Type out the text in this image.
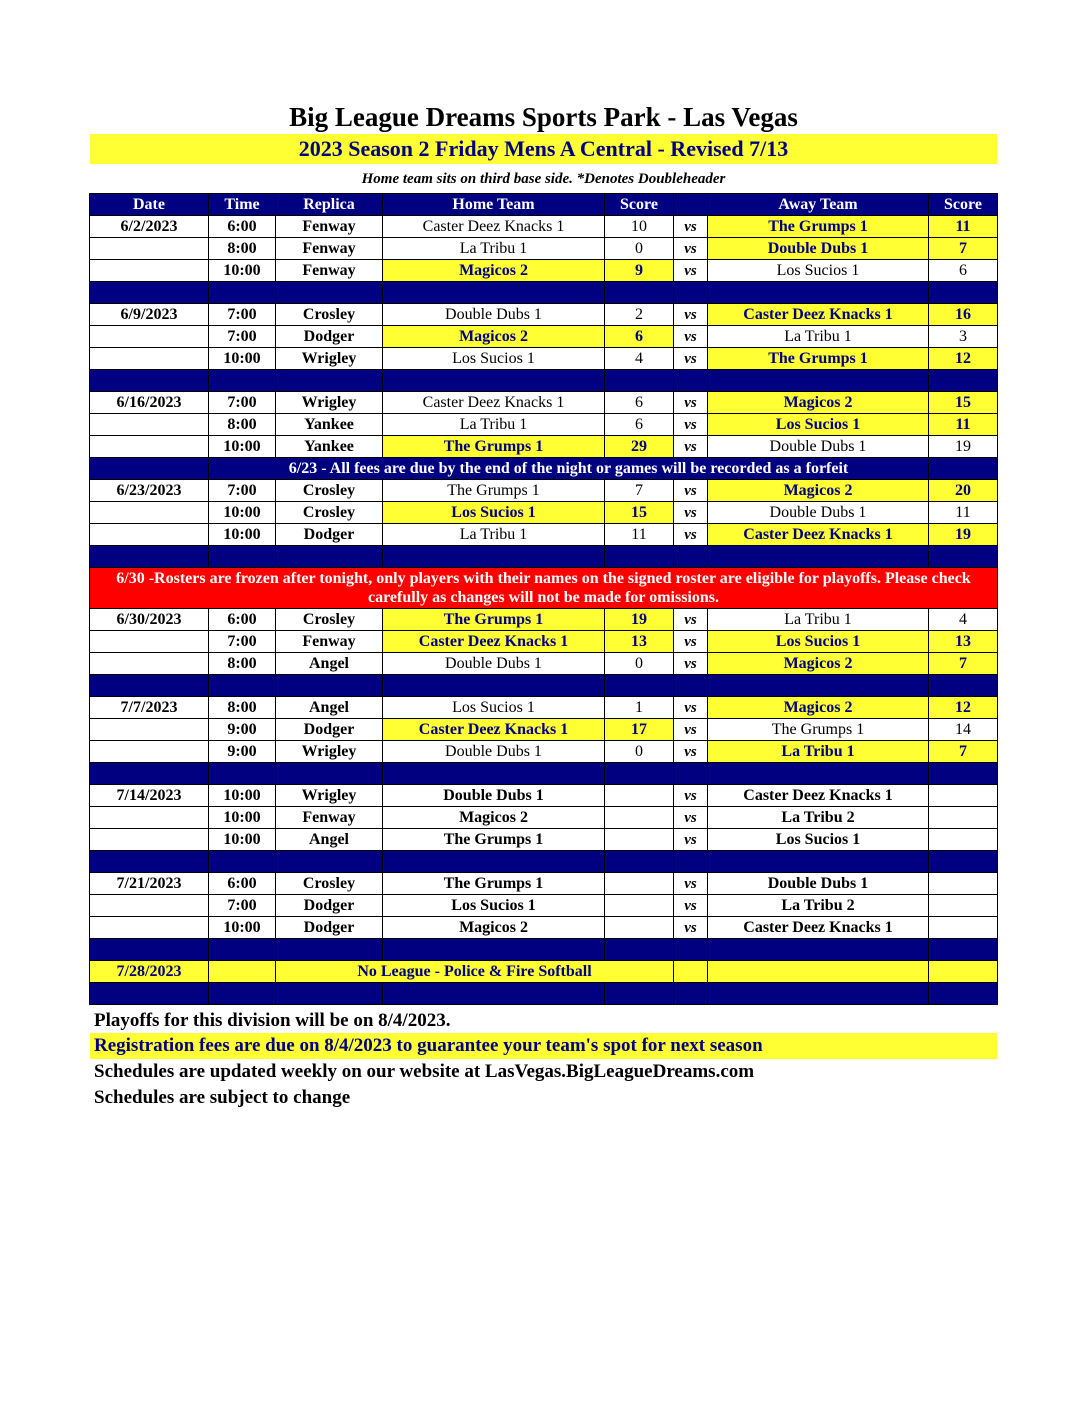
Big League Dreams Sports Park - Las Vegas
2023 Season 2 Friday Mens A Central - Revised 7/13
Home team sits on third base side. *Denotes Doubleheader
Date	Time	Replica	Home Team	Score		Away Team	Score
6/2/2023	6:00	Fenway	Caster Deez Knacks 1	10	vs	The Grumps 1	11
	8:00	Fenway	La Tribu 1	0	vs	Double Dubs 1	7
	10:00	Fenway	Magicos 2	9	vs	Los Sucios 1	6

6/9/2023	7:00	Crosley	Double Dubs 1	2	vs	Caster Deez Knacks 1	16
	7:00	Dodger	Magicos 2	6	vs	La Tribu 1	3
	10:00	Wrigley	Los Sucios 1	4	vs	The Grumps 1	12

6/16/2023	7:00	Wrigley	Caster Deez Knacks 1	6	vs	Magicos 2	15
	8:00	Yankee	La Tribu 1	6	vs	Los Sucios 1	11
	10:00	Yankee	The Grumps 1	29	vs	Double Dubs 1	19
	6/23 - All fees are due by the end of the night or games will be recorded as a forfeit						
6/23/2023	7:00	Crosley	The Grumps 1	7	vs	Magicos 2	20
	10:00	Crosley	Los Sucios 1	15	vs	Double Dubs 1	11
	10:00	Dodger	La Tribu 1	11	vs	Caster Deez Knacks 1	19

6/30 -Rosters are frozen after tonight, only players with their names on the signed roster are eligible for playoffs. Please check carefully as changes will not be made for omissions.							
6/30/2023	6:00	Crosley	The Grumps 1	19	vs	La Tribu 1	4
	7:00	Fenway	Caster Deez Knacks 1	13	vs	Los Sucios 1	13
	8:00	Angel	Double Dubs 1	0	vs	Magicos 2	7

7/7/2023	8:00	Angel	Los Sucios 1	1	vs	Magicos 2	12
	9:00	Dodger	Caster Deez Knacks 1	17	vs	The Grumps 1	14
	9:00	Wrigley	Double Dubs 1	0	vs	La Tribu 1	7

7/14/2023	10:00	Wrigley	Double Dubs 1		vs	Caster Deez Knacks 1	
	10:00	Fenway	Magicos 2		vs	La Tribu 2	
	10:00	Angel	The Grumps 1		vs	Los Sucios 1	

7/21/2023	6:00	Crosley	The Grumps 1		vs	Double Dubs 1	
	7:00	Dodger	Los Sucios 1		vs	La Tribu 2	
	10:00	Dodger	Magicos 2		vs	Caster Deez Knacks 1	

7/28/2023		No League - Police & Fire Softball					

Playoffs for this division will be on 8/4/2023.
Registration fees are due on 8/4/2023 to guarantee your team's spot for next season
Schedules are updated weekly on our website at LasVegas.BigLeagueDreams.com
Schedules are subject to change
